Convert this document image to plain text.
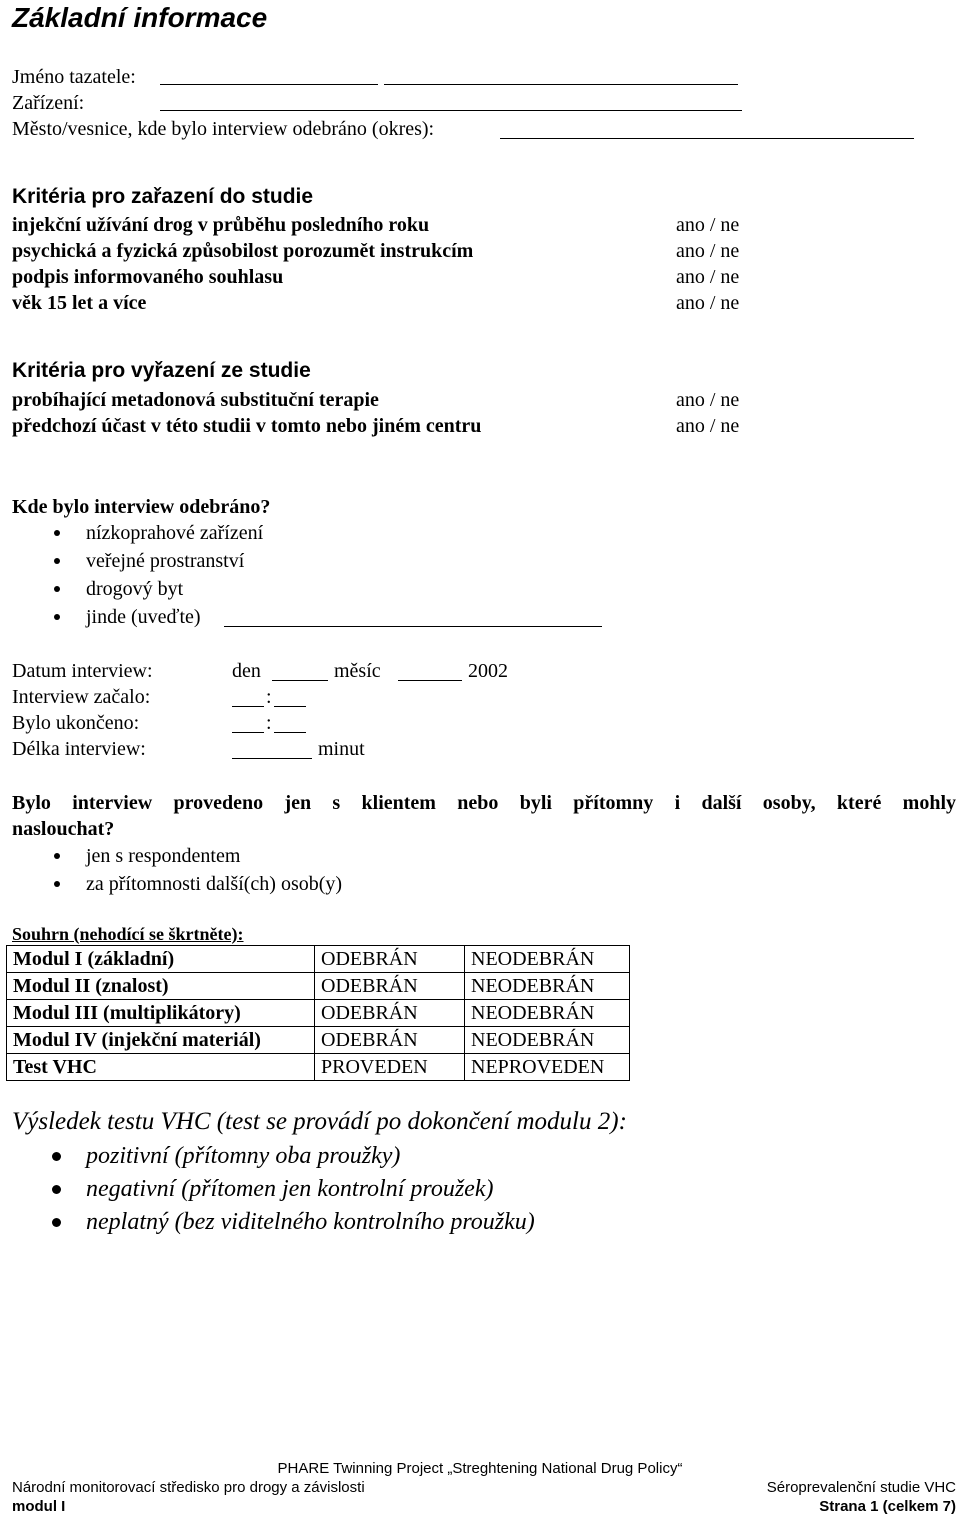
Základní informace
Jméno tazatele:
Zařízení:
Město/vesnice, kde bylo interview odebráno (okres):
Kritéria pro zařazení do studie
injekční užívání drog v průběhu posledního roku	ano / ne
psychická a fyzická způsobilost porozumět instrukcím	ano / ne
podpis informovaného souhlasu	ano / ne
věk 15 let a více	ano / ne
Kritéria pro vyřazení ze studie
probíhající metadonová substituční terapie	ano / ne
předchozí účast v této studii v tomto nebo jiném centru	ano / ne
Kde bylo interview odebráno?
nízkoprahové zařízení
veřejné prostranství
drogový byt
jinde (uveďte)
Datum interview:	den	měsíc	2002
Interview začalo:	:
Bylo ukončeno:	:
Délka interview:	minut
Bylo interview provedeno jen s klientem nebo byli přítomny i další osoby, které mohly
naslouchat?
jen s respondentem
za přítomnosti další(ch) osob(y)
Souhrn (nehodící se škrtněte):
Modul I (základní)	ODEBRÁN	NEODEBRÁN
Modul II (znalost)	ODEBRÁN	NEODEBRÁN
Modul III (multiplikátory)	ODEBRÁN	NEODEBRÁN
Modul IV (injekční materiál)	ODEBRÁN	NEODEBRÁN
Test VHC	PROVEDEN	NEPROVEDEN
Výsledek testu VHC (test se provádí po dokončení modulu 2):
pozitivní (přítomny oba proužky)
negativní (přítomen jen kontrolní proužek)
neplatný (bez viditelného kontrolního proužku)
PHARE Twinning Project „Streghtening National Drug Policy“
Národní monitorovací středisko pro drogy a závislosti
modul I
Séroprevalenční studie VHC
Strana 1 (celkem 7)
